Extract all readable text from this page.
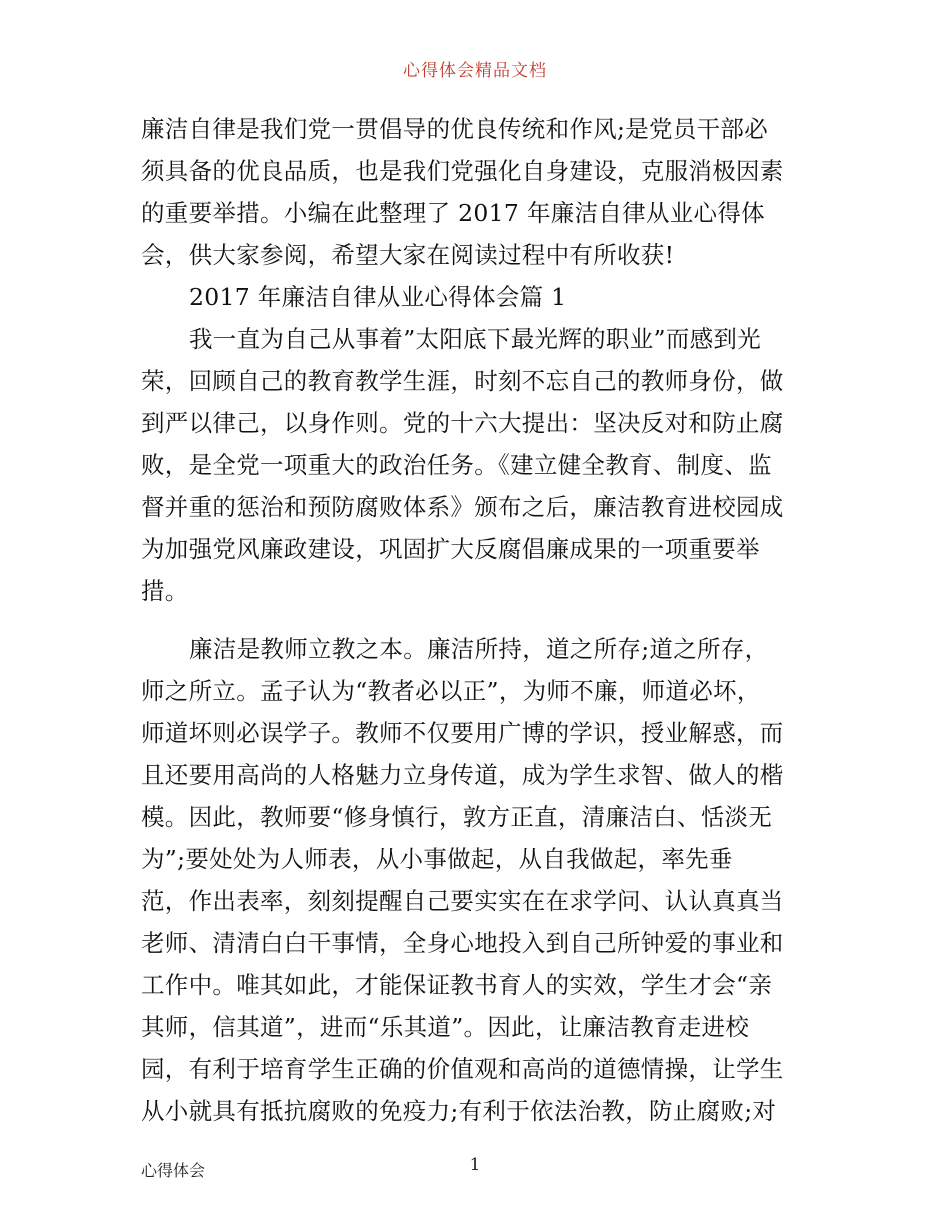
心得体会精品文档
廉洁自律是我们党一贯倡导的优良传统和作风;是党员干部必
须具备的优良品质，也是我们党强化自身建设，克服消极因素
的重要举措。小编在此整理了 2017 年廉洁自律从业心得体
会，供大家参阅，希望大家在阅读过程中有所收获!
2017 年廉洁自律从业心得体会篇 1
我一直为自己从事着”太阳底下最光辉的职业”而感到光
荣，回顾自己的教育教学生涯，时刻不忘自己的教师身份，做
到严以律己，以身作则。党的十六大提出：坚决反对和防止腐
败，是全党一项重大的政治任务。《建立健全教育、制度、监
督并重的惩治和预防腐败体系》颁布之后，廉洁教育进校园成
为加强党风廉政建设，巩固扩大反腐倡廉成果的一项重要举
措。
廉洁是教师立教之本。廉洁所持，道之所存;道之所存，
师之所立。孟子认为“教者必以正”，为师不廉，师道必坏，
师道坏则必误学子。教师不仅要用广博的学识，授业解惑，而
且还要用高尚的人格魅力立身传道，成为学生求智、做人的楷
模。因此，教师要“修身慎行，敦方正直，清廉洁白、恬淡无
为”;要处处为人师表，从小事做起，从自我做起，率先垂
范，作出表率，刻刻提醒自己要实实在在求学问、认认真真当
老师、清清白白干事情，全身心地投入到自己所钟爱的事业和
工作中。唯其如此，才能保证教书育人的实效，学生才会“亲
其师，信其道”，进而“乐其道”。因此，让廉洁教育走进校
园，有利于培育学生正确的价值观和高尚的道德情操，让学生
从小就具有抵抗腐败的免疫力;有利于依法治教，防止腐败;对
心得体会	1
